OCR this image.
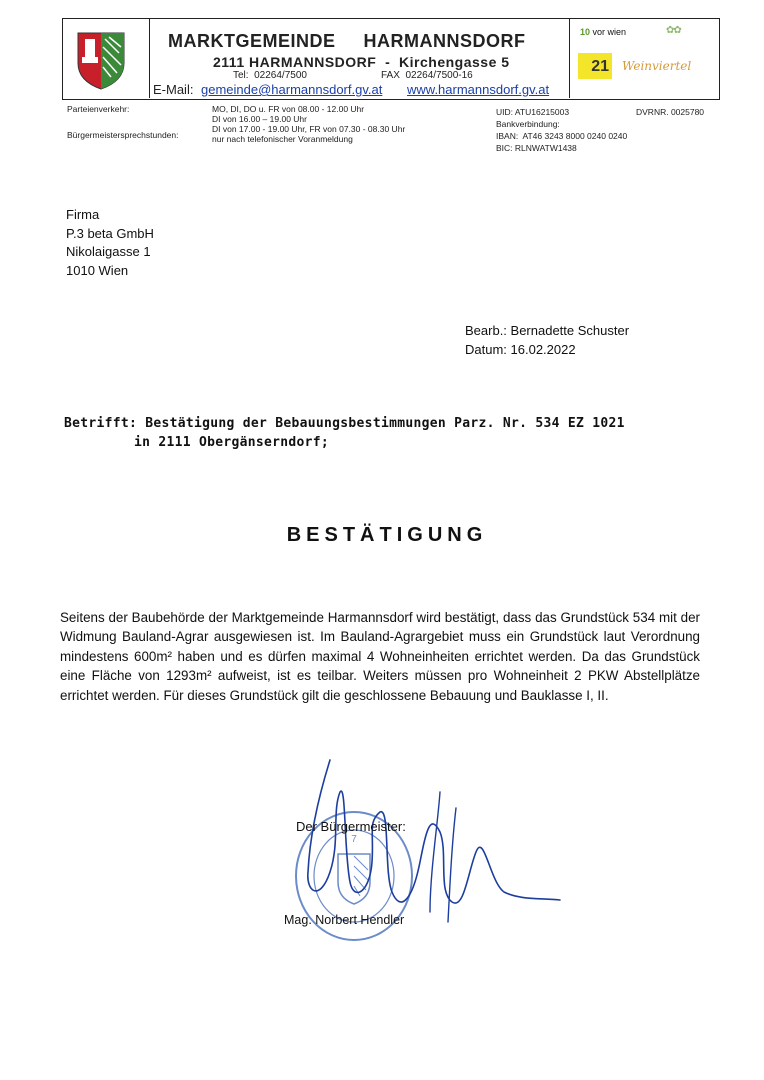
MARKTGEMEINDE HARMANNSDORF
2111 HARMANNSDORF  -  Kirchengasse 5
Tel:  02264/7500	FAX  02264/7500-16
E-Mail: gemeinde@harmannsdorf.gv.at www.harmannsdorf.gv.at
10 vor wien	✿✿
21 Weinviertel
Parteienverkehr:
Bürgermeistersprechstunden:
MO, DI, DO u. FR von 08.00 - 12.00 Uhr
DI von 16.00 – 19.00 Uhr
DI von 17.00 - 19.00 Uhr, FR von 07.30 - 08.30 Uhr
nur nach telefonischer Voranmeldung
UID: ATU16215003	DVRNR. 0025780
Bankverbindung:
IBAN:  AT46 3243 8000 0240 0240
BIC: RLNWATW1438
Firma
P.3 beta GmbH
Nikolaigasse 1
1010 Wien
Bearb.: Bernadette Schuster
Datum: 16.02.2022
Betrifft: Bestätigung der Bebauungsbestimmungen Parz. Nr. 534 EZ 1021
in 2111 Obergänserndorf;
BESTÄTIGUNG
Seitens der Baubehörde der Marktgemeinde Harmannsdorf wird bestätigt, dass das Grundstück 534 mit der Widmung Bauland-Agrar ausgewiesen ist. Im Bauland-Agrargebiet muss ein Grundstück laut Verordnung mindestens 600m² haben und es dürfen maximal 4 Wohneinheiten errichtet werden. Da das Grundstück eine Fläche von 1293m² aufweist, ist es teilbar. Weiters müssen pro Wohneinheit 2 PKW Abstellplätze errichtet werden. Für dieses Grundstück gilt die geschlossene Bebauung und Bauklasse I, II.
7
Der Bürgermeister:
Mag. Norbert Hendler
